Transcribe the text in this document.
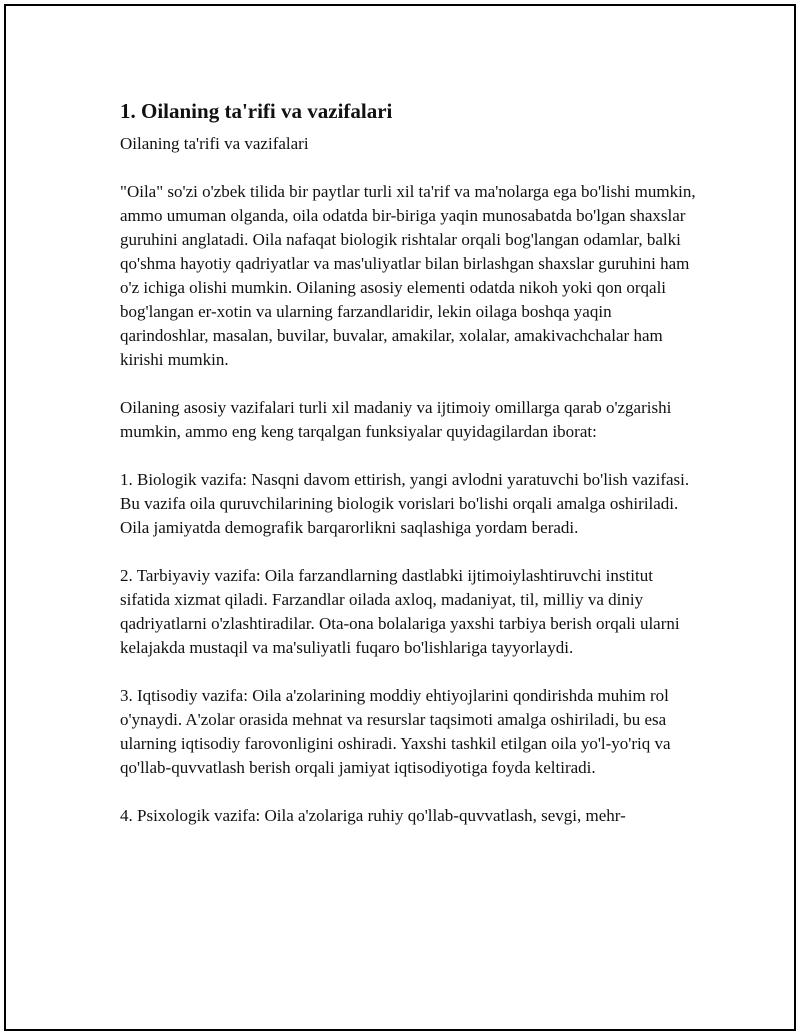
1. Oilaning ta'rifi va vazifalari

Oilaning ta'rifi va vazifalari

"Oila" so'zi o'zbek tilida bir paytlar turli xil ta'rif va ma'nolarga ega bo'lishi mumkin, ammo umuman olganda, oila odatda bir-biriga yaqin munosabatda bo'lgan shaxslar guruhini anglatadi. Oila nafaqat biologik rishtalar orqali bog'langan odamlar, balki qo'shma hayotiy qadriyatlar va mas'uliyatlar bilan birlashgan shaxslar guruhini ham o'z ichiga olishi mumkin. Oilaning asosiy elementi odatda nikoh yoki qon orqali bog'langan er-xotin va ularning farzandlaridir, lekin oilaga boshqa yaqin qarindoshlar, masalan, buvilar, buvalar, amakilar, xolalar, amakivachchalar ham kirishi mumkin.

Oilaning asosiy vazifalari turli xil madaniy va ijtimoiy omillarga qarab o'zgarishi mumkin, ammo eng keng tarqalgan funksiyalar quyidagilardan iborat:

1. Biologik vazifa: Nasqni davom ettirish, yangi avlodni yaratuvchi bo'lish vazifasi. Bu vazifa oila quruvchilarining biologik vorislari bo'lishi orqali amalga oshiriladi. Oila jamiyatda demografik barqarorlikni saqlashiga yordam beradi.

2. Tarbiyaviy vazifa: Oila farzandlarning dastlabki ijtimoiylashtiruvchi institut sifatida xizmat qiladi. Farzandlar oilada axloq, madaniyat, til, milliy va diniy qadriyatlarni o'zlashtiradilar. Ota-ona bolalariga yaxshi tarbiya berish orqali ularni kelajakda mustaqil va ma'suliyatli fuqaro bo'lishlariga tayyorlaydi.

3. Iqtisodiy vazifa: Oila a'zolarining moddiy ehtiyojlarini qondirishda muhim rol o'ynaydi. A'zolar orasida mehnat va resurslar taqsimoti amalga oshiriladi, bu esa ularning iqtisodiy farovonligini oshiradi. Yaxshi tashkil etilgan oila yo'l-yo'riq va qo'llab-quvvatlash berish orqali jamiyat iqtisodiyotiga foyda keltiradi.

4. Psixologik vazifa: Oila a'zolariga ruhiy qo'llab-quvvatlash, sevgi, mehr-
